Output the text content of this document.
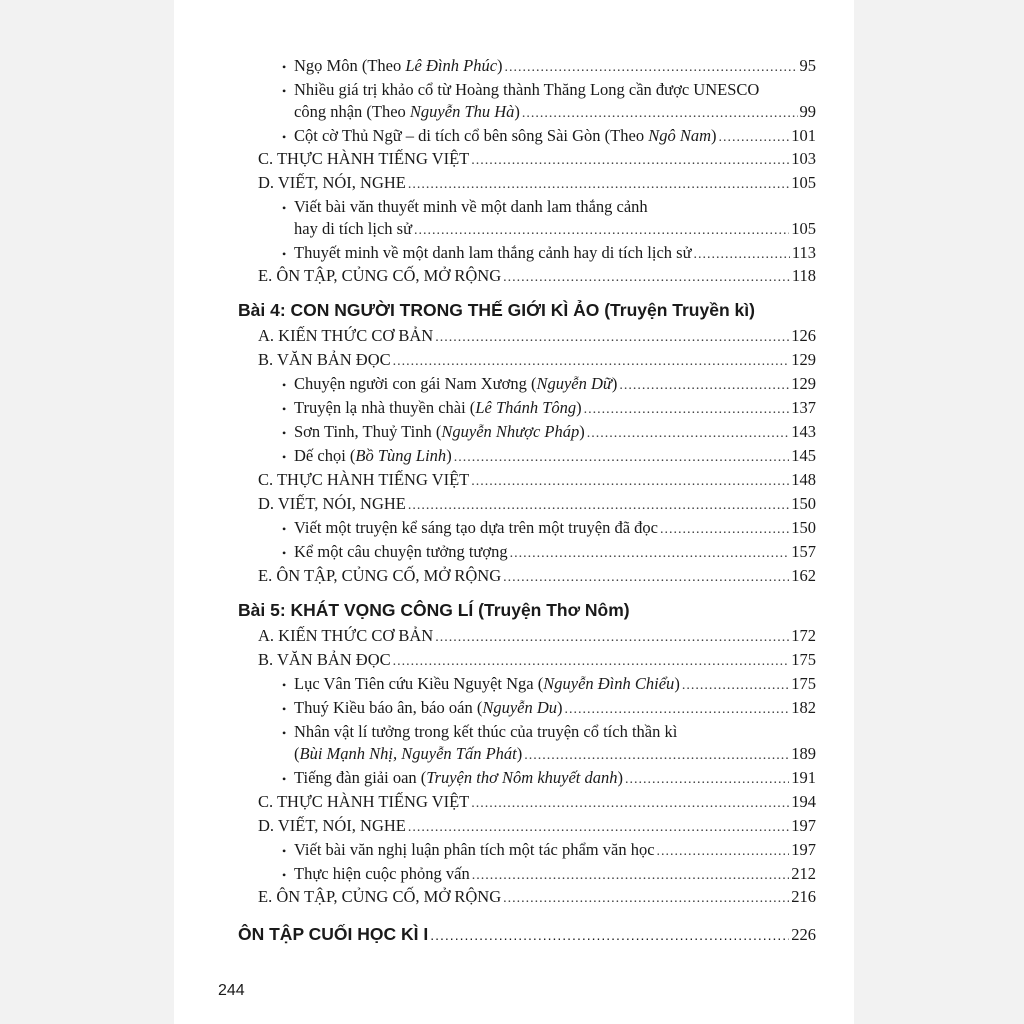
• Ngọ Môn (Theo Lê Đình Phúc) .....	95
• Nhiều giá trị khảo cổ từ Hoàng thành Thăng Long cần được UNESCO
công nhận (Theo Nguyễn Thu Hà) .....	99
• Cột cờ Thủ Ngữ – di tích cổ bên sông Sài Gòn (Theo Ngô Nam) .....	101
C. THỰC HÀNH TIẾNG VIỆT .....	103
D. VIẾT, NÓI, NGHE .....	105
• Viết bài văn thuyết minh về một danh lam thắng cảnh
hay di tích lịch sử .....	105
• Thuyết minh về một danh lam thắng cảnh hay di tích lịch sử .....	113
E. ÔN TẬP, CỦNG CỐ, MỞ RỘNG .....	118
Bài 4: CON NGƯỜI TRONG THẾ GIỚI KÌ ẢO (Truyện Truyền kì)
A. KIẾN THỨC CƠ BẢN .....	126
B. VĂN BẢN ĐỌC .....	129
• Chuyện người con gái Nam Xương (Nguyễn Dữ) .....	129
• Truyện lạ nhà thuyền chài (Lê Thánh Tông) .....	137
• Sơn Tinh, Thuỷ Tinh (Nguyễn Nhược Pháp) .....	143
• Dế chọi (Bồ Tùng Linh) .....	145
C. THỰC HÀNH TIẾNG VIỆT .....	148
D. VIẾT, NÓI, NGHE .....	150
• Viết một truyện kể sáng tạo dựa trên một truyện đã đọc .....	150
• Kể một câu chuyện tưởng tượng .....	157
E. ÔN TẬP, CỦNG CỐ, MỞ RỘNG .....	162
Bài 5: KHÁT VỌNG CÔNG LÍ (Truyện Thơ Nôm)
A. KIẾN THỨC CƠ BẢN .....	172
B. VĂN BẢN ĐỌC .....	175
• Lục Vân Tiên cứu Kiều Nguyệt Nga (Nguyễn Đình Chiểu) .....	175
• Thuý Kiều báo ân, báo oán (Nguyễn Du) .....	182
• Nhân vật lí tưởng trong kết thúc của truyện cổ tích thần kì
(Bùi Mạnh Nhị, Nguyễn Tấn Phát) .....	189
• Tiếng đàn giải oan (Truyện thơ Nôm khuyết danh) .....	191
C. THỰC HÀNH TIẾNG VIỆT .....	194
D. VIẾT, NÓI, NGHE .....	197
• Viết bài văn nghị luận phân tích một tác phẩm văn học .....	197
• Thực hiện cuộc phỏng vấn .....	212
E. ÔN TẬP, CỦNG CỐ, MỞ RỘNG .....	216
ÔN TẬP CUỐI HỌC KÌ I .....	226
244
